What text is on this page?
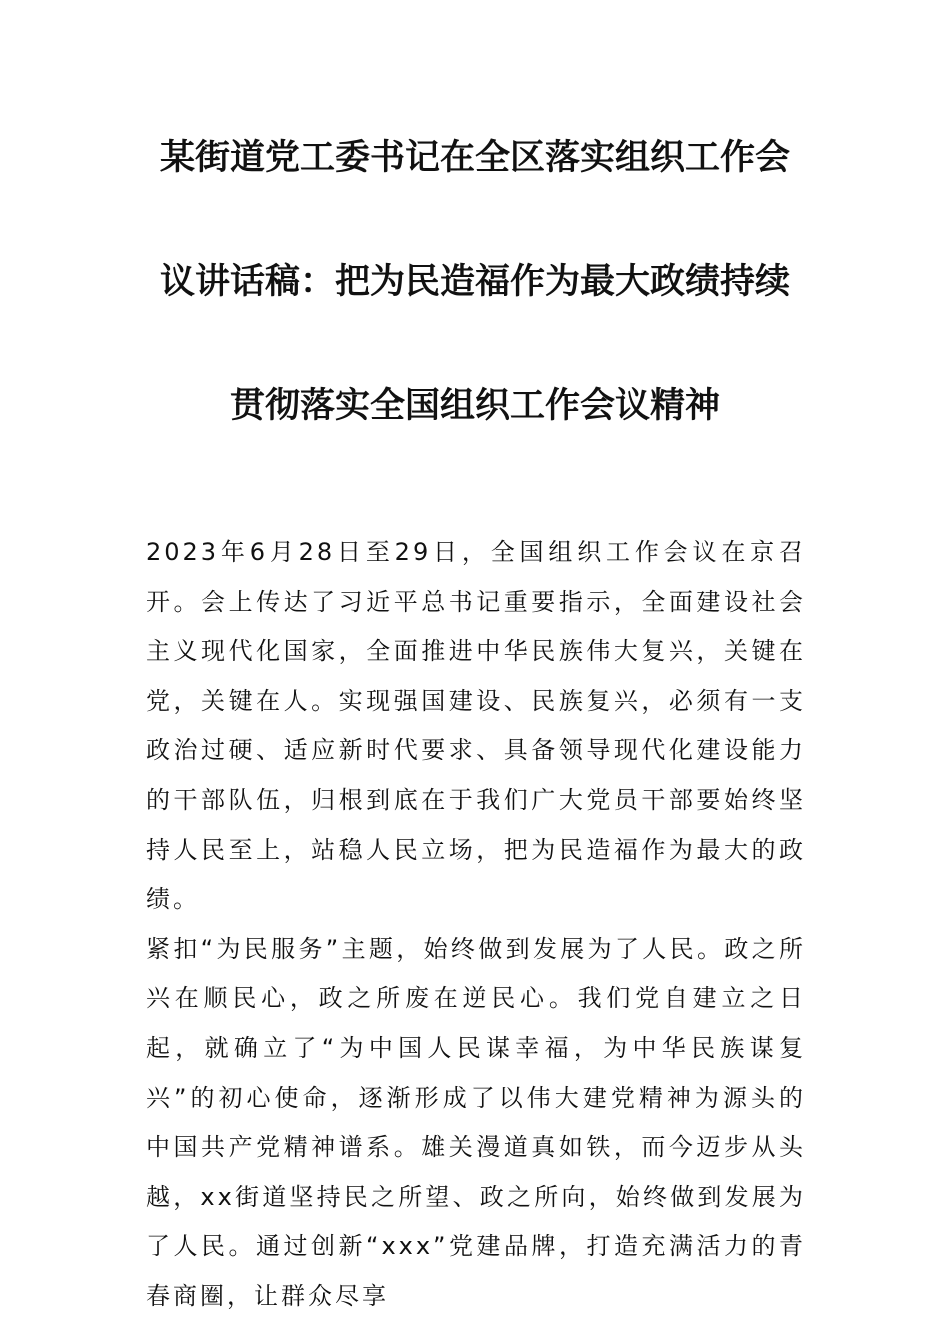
某街道党工委书记在全区落实组织工作会
议讲话稿：把为民造福作为最大政绩持续
贯彻落实全国组织工作会议精神

2023年6月28日至29日，全国组织工作会议在京召开。会上传达了习近平总书记重要指示，全面建设社会主义现代化国家，全面推进中华民族伟大复兴，关键在党，关键在人。实现强国建设、民族复兴，必须有一支政治过硬、适应新时代要求、具备领导现代化建设能力的干部队伍，归根到底在于我们广大党员干部要始终坚持人民至上，站稳人民立场，把为民造福作为最大的政绩。

紧扣“为民服务”主题，始终做到发展为了人民。政之所兴在顺民心，政之所废在逆民心。我们党自建立之日起，就确立了“为中国人民谋幸福，为中华民族谋复兴”的初心使命，逐渐形成了以伟大建党精神为源头的中国共产党精神谱系。雄关漫道真如铁，而今迈步从头越，xx街道坚持民之所望、政之所向，始终做到发展为了人民。通过创新“xxx”党建品牌，打造充满活力的青春商圈，让群众尽享
